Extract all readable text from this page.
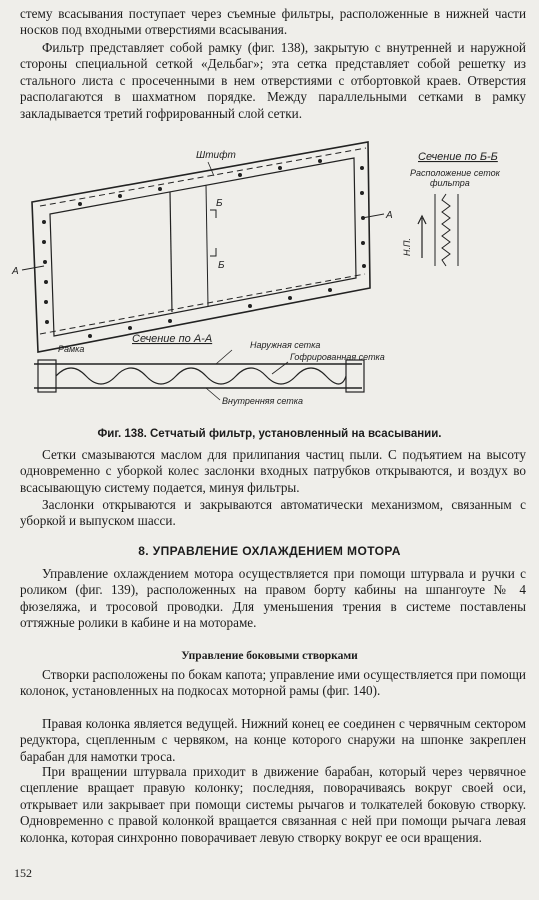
стему всасывания поступает через съемные фильтры, расположенные в нижней части носков под входными отверстиями всасывания.

Фильтр представляет собой рамку (фиг. 138), закрытую с внутренней и наружной стороны специальной сеткой «Дельбаг»; эта сетка представляет собой решетку из стального листа с просеченными в нем отверстиями с отбортовкой краев. Отверстия располагаются в шахматном порядке. Между параллельными сетками в рамку закладывается третий гофрированный слой сетки.

Штифт
Б
Б
А
А
Сечение по Б-Б
Расположение сеток
фильтра
Н.П.
Сечение по А-А
Рамка	Наружная сетка
Гофрированная сетка
Внутренняя сетка
Фиг. 138. Сетчатый фильтр, установленный на всасывании.

Сетки смазываются маслом для прилипания частиц пыли. С подъятием на высоту одновременно с уборкой колес заслонки входных патрубков открываются, и воздух во всасывающую систему подается, минуя фильтры.

Заслонки открываются и закрываются автоматически механизмом, связанным с уборкой и выпуском шасси.

8. УПРАВЛЕНИЕ ОХЛАЖДЕНИЕМ МОТОРА

Управление охлаждением мотора осуществляется при помощи штурвала и ручки с роликом (фиг. 139), расположенных на правом борту кабины на шпангоуте № 4 фюзеляжа, и тросовой проводки. Для уменьшения трения в системе поставлены оттяжные ролики в кабине и на моторамe.

Управление боковыми створками

Створки расположены по бокам капота; управление ими осуществляется при помощи колонок, установленных на подкосах моторной рамы (фиг. 140).

Правая колонка является ведущей. Нижний конец ее соединен с червячным сектором редуктора, сцепленным с червяком, на конце которого снаружи на шпонке закреплен барабан для намотки троса.

При вращении штурвала приходит в движение барабан, который через червячное сцепление вращает правую колонку; последняя, поворачиваясь вокруг своей оси, открывает или закрывает при помощи системы рычагов и толкателей боковую створку. Одновременно с правой колонкой вращается связанная с ней при помощи рычага левая колонка, которая синхронно поворачивает левую створку вокруг ее оси вращения.

152
